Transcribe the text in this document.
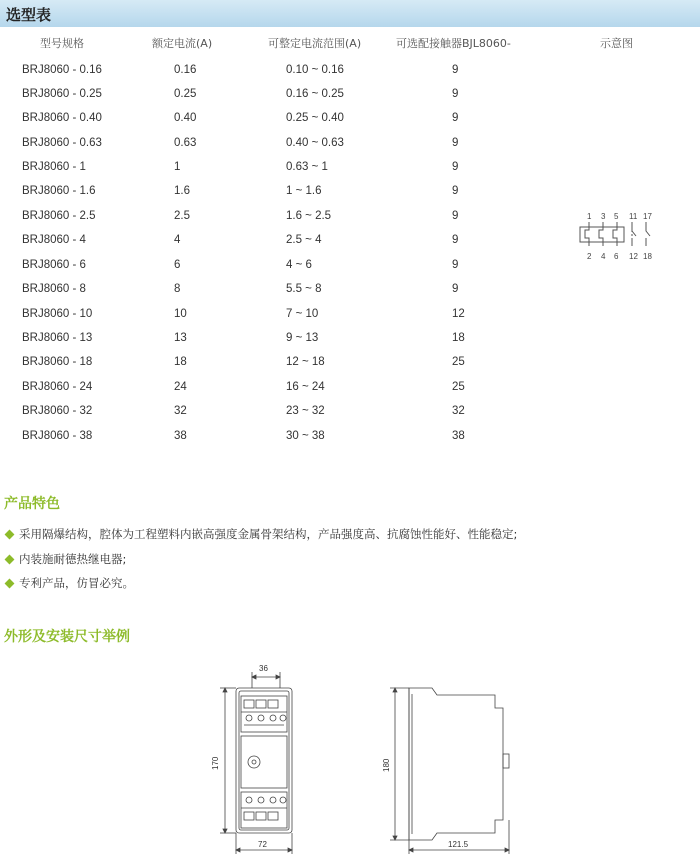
选型表
型号规格	额定电流(A)	可整定电流范围(A)	可选配接触器BJL8060-	示意图
BRJ8060 - 0.16	0.16	0.10 ~ 0.16	9
BRJ8060 - 0.25	0.25	0.16 ~ 0.25	9
BRJ8060 - 0.40	0.40	0.25 ~ 0.40	9
BRJ8060 - 0.63	0.63	0.40 ~ 0.63	9
BRJ8060 - 1	1	0.63 ~ 1	9
BRJ8060 - 1.6	1.6	1 ~ 1.6	9
BRJ8060 - 2.5	2.5	1.6 ~ 2.5	9
BRJ8060 - 4	4	2.5 ~ 4	9
BRJ8060 - 6	6	4 ~ 6	9
BRJ8060 - 8	8	5.5 ~ 8	9
BRJ8060 - 10	10	7 ~ 10	12
BRJ8060 - 13	13	9 ~ 13	18
BRJ8060 - 18	18	12 ~ 18	25
BRJ8060 - 24	24	16 ~ 24	25
BRJ8060 - 32	32	23 ~ 32	32
BRJ8060 - 38	38	30 ~ 38	38
1 3 5 11 17
2 4 6 12 18
产品特色
采用隔爆结构，腔体为工程塑料内嵌高强度金属骨架结构，产品强度高、抗腐蚀性能好、性能稳定;
内装施耐德热继电器;
专利产品，仿冒必究。
外形及安装尺寸举例
36
170
72
180
121.5
